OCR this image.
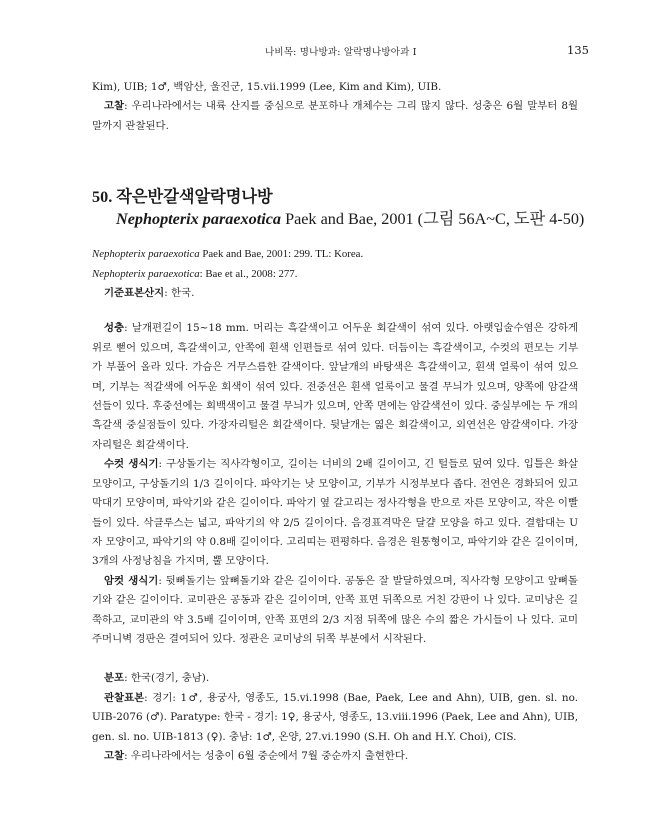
나비목: 명나방과: 알락명나방아과 I	135

Kim), UIB; 1♂, 백암산, 울진군, 15.vii.1999 (Lee, Kim and Kim), UIB.

고찰: 우리나라에서는 내륙 산지를 중심으로 분포하나 개체수는 그리 많지 않다. 성충은 6월 말부터 8월 말까지 관찰된다.

50. 작은반갈색알락명나방
Nephopterix paraexotica Paek and Bae, 2001 (그림 56A~C, 도판 4-50)

Nephopterix paraexotica Paek and Bae, 2001: 299. TL: Korea.

Nephopterix paraexotica: Bae et al., 2008: 277.

기준표본산지: 한국.

성충: 날개편길이 15~18 mm. 머리는 흑갈색이고 어두운 회갈색이 섞여 있다. 아랫입술수염은 강하게 위로 뻗어 있으며, 흑갈색이고, 안쪽에 흰색 인편들로 섞여 있다. 더듬이는 흑갈색이고, 수컷의 편모는 기부가 부풀어 올라 있다. 가슴은 거무스름한 갈색이다. 앞날개의 바탕색은 흑갈색이고, 흰색 얼룩이 섞여 있으며, 기부는 적갈색에 어두운 회색이 섞여 있다. 전중선은 흰색 얼룩이고 물결 무늬가 있으며, 양쪽에 암갈색선들이 있다. 후중선에는 회백색이고 물결 무늬가 있으며, 안쪽 면에는 암갈색선이 있다. 중실부에는 두 개의 흑갈색 중실점들이 있다. 가장자리털은 회갈색이다. 뒷날개는 엷은 회갈색이고, 외연선은 암갈색이다. 가장자리털은 회갈색이다.

수컷 생식기: 구상돌기는 직사각형이고, 길이는 너비의 2배 길이이고, 긴 털들로 덮여 있다. 입틀은 화살 모양이고, 구상돌기의 1/3 길이이다. 파악기는 낫 모양이고, 기부가 시정부보다 좁다. 전연은 경화되어 있고 막대기 모양이며, 파악기와 같은 길이이다. 파악기 옆 갈고리는 정사각형을 반으로 자른 모양이고, 작은 이빨들이 있다. 삭클루스는 넓고, 파악기의 약 2/5 길이이다. 음경표격막은 달걀 모양을 하고 있다. 결합대는 U자 모양이고, 파악기의 약 0.8배 길이이다. 고리띠는 편평하다. 음경은 원통형이고, 파악기와 같은 길이이며, 3개의 사정낭침을 가지며, 뿔 모양이다.

암컷 생식기: 뒷뼈돌기는 앞뼈돌기와 같은 길이이다. 공동은 잘 발달하였으며, 직사각형 모양이고 앞뼈돌기와 같은 길이이다. 교미관은 공동과 같은 길이이며, 안쪽 표면 뒤쪽으로 거친 강판이 나 있다. 교미낭은 길쭉하고, 교미관의 약 3.5배 길이이며, 안쪽 표면의 2/3 지점 뒤쪽에 많은 수의 짧은 가시들이 나 있다. 교미주머니벽 경판은 결여되어 있다. 정관은 교미낭의 뒤쪽 부분에서 시작된다.

분포: 한국(경기, 충남).

관찰표본: 경기: 1♂, 용궁사, 영종도, 15.vi.1998 (Bae, Paek, Lee and Ahn), UIB, gen. sl. no. UIB-2076 (♂). Paratype: 한국 - 경기: 1♀, 용궁사, 영종도, 13.viii.1996 (Paek, Lee and Ahn), UIB, gen. sl. no. UIB-1813 (♀). 충남: 1♂, 온양, 27.vi.1990 (S.H. Oh and H.Y. Choi), CIS.

고찰: 우리나라에서는 성충이 6월 중순에서 7월 중순까지 출현한다.
